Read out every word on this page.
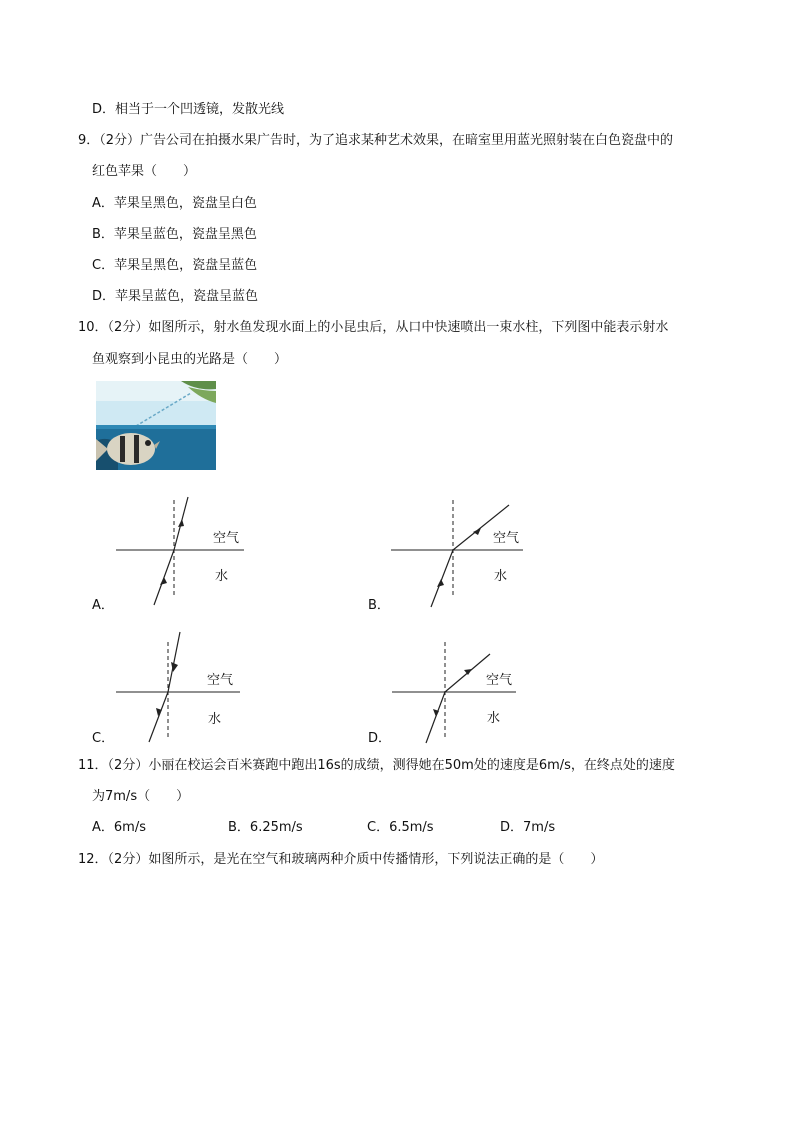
D．相当于一个凹透镜，发散光线
9．（2分）广告公司在拍摄水果广告时，为了追求某种艺术效果，在暗室里用蓝光照射装在白色瓷盘中的
红色苹果（　　）
A．苹果呈黑色，瓷盘呈白色
B．苹果呈蓝色，瓷盘呈黑色
C．苹果呈黑色，瓷盘呈蓝色
D．苹果呈蓝色，瓷盘呈蓝色
10．（2分）如图所示，射水鱼发现水面上的小昆虫后，从口中快速喷出一束水柱，下列图中能表示射水
鱼观察到小昆虫的光路是（　　）
空气
水
A．
空气
水
B．
空气
水
C．
空气
水
D．
11．（2分）小丽在校运会百米赛跑中跑出16s的成绩，测得她在50m处的速度是6m/s，在终点处的速度
为7m/s（　　）
A．6m/s	B．6.25m/s	C．6.5m/s	D．7m/s
12．（2分）如图所示，是光在空气和玻璃两种介质中传播情形，下列说法正确的是（　　）
